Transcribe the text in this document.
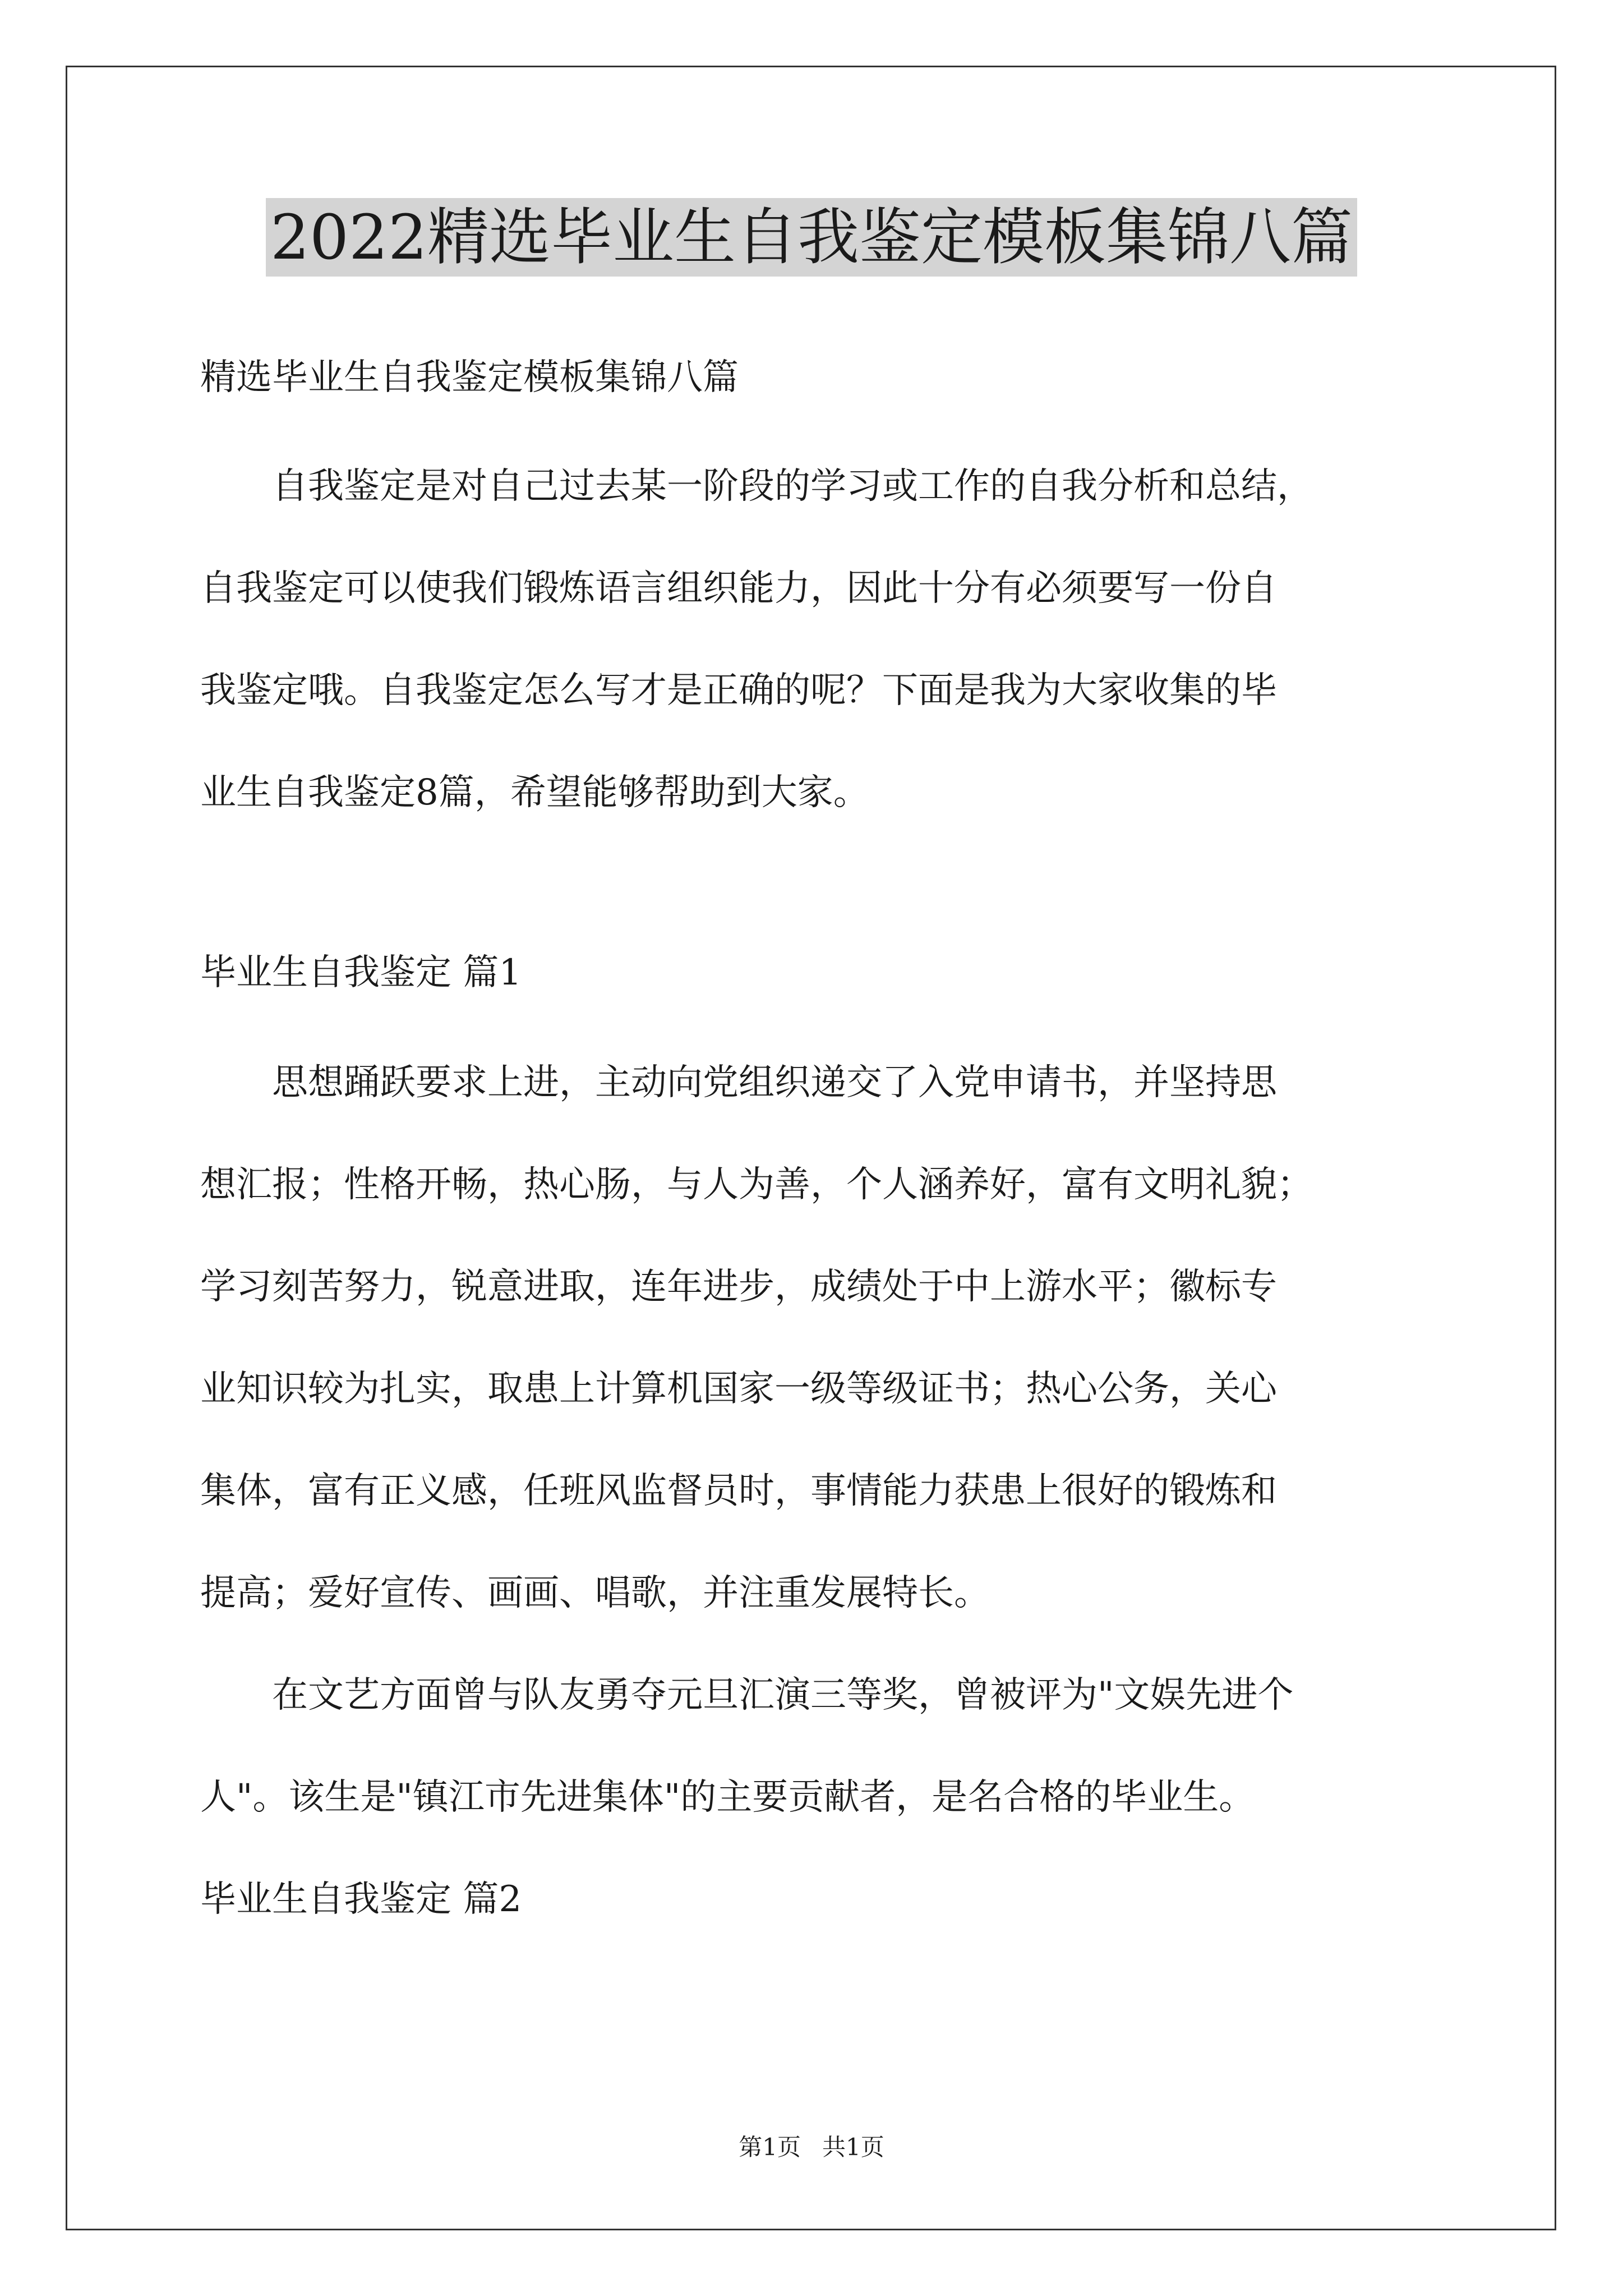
2022精选毕业生自我鉴定模板集锦八篇
精选毕业生自我鉴定模板集锦八篇
　　自我鉴定是对自己过去某一阶段的学习或工作的自我分析和总结，
自我鉴定可以使我们锻炼语言组织能力，因此十分有必须要写一份自
我鉴定哦。自我鉴定怎么写才是正确的呢？下面是我为大家收集的毕
业生自我鉴定8篇，希望能够帮助到大家。
毕业生自我鉴定 篇1
　　思想踊跃要求上进，主动向党组织递交了入党申请书，并坚持思
想汇报；性格开畅，热心肠，与人为善，个人涵养好，富有文明礼貌；
学习刻苦努力，锐意进取，连年进步，成绩处于中上游水平；徽标专
业知识较为扎实，取患上计算机国家一级等级证书；热心公务，关心
集体，富有正义感，任班风监督员时，事情能力获患上很好的锻炼和
提高；爱好宣传、画画、唱歌，并注重发展特长。
　　在文艺方面曾与队友勇夺元旦汇演三等奖，曾被评为"文娱先进个
人"。该生是"镇江市先进集体"的主要贡献者，是名合格的毕业生。
毕业生自我鉴定 篇2
第1页 共1页
